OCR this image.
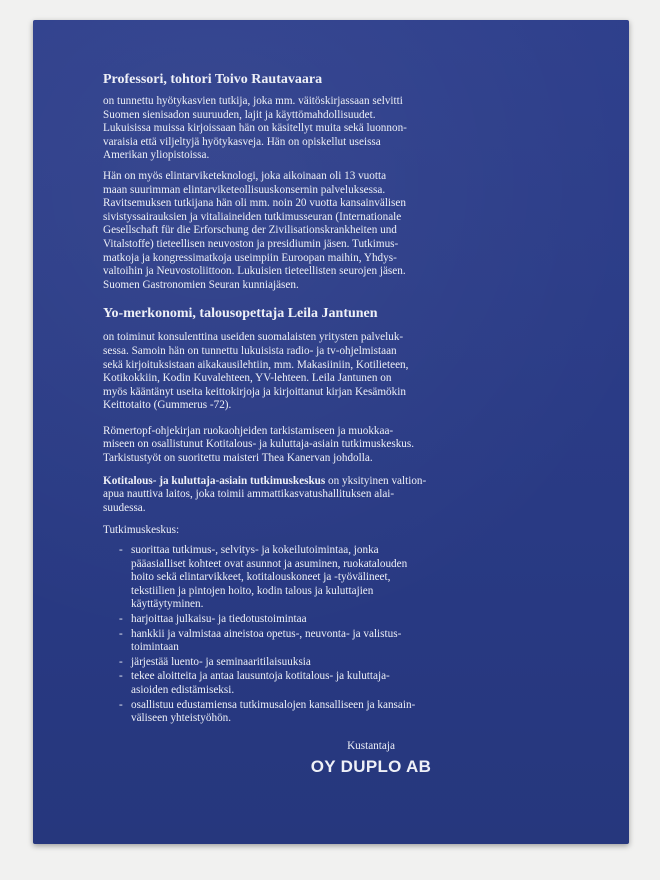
Professori, tohtori Toivo Rautavaara
on tunnettu hyötykasvien tutkija, joka mm. väitöskirjassaan selvitti
Suomen sienisadon suuruuden, lajit ja käyttömahdollisuudet.
Lukuisissa muissa kirjoissaan hän on käsitellyt muita sekä luonnon-
varaisia että viljeltyjä hyötykasveja. Hän on opiskellut useissa
Amerikan yliopistoissa.
Hän on myös elintarviketeknologi, joka aikoinaan oli 13 vuotta
maan suurimman elintarviketeollisuuskonsernin palveluksessa.
Ravitsemuksen tutkijana hän oli mm. noin 20 vuotta kansainvälisen
sivistyssairauksien ja vitaliaineiden tutkimusseuran (Internationale
Gesellschaft für die Erforschung der Zivilisationskrankheiten und
Vitalstoffe) tieteellisen neuvoston ja presidiumin jäsen. Tutkimus-
matkoja ja kongressimatkoja useimpiin Euroopan maihin, Yhdys-
valtoihin ja Neuvostoliittoon. Lukuisien tieteellisten seurojen jäsen.
Suomen Gastronomien Seuran kunniajäsen.
Yo-merkonomi, talousopettaja Leila Jantunen
on toiminut konsulenttina useiden suomalaisten yritysten palveluk-
sessa. Samoin hän on tunnettu lukuisista radio- ja tv-ohjelmistaan
sekä kirjoituksistaan aikakausilehtiin, mm. Makasiiniin, Kotilieteen,
Kotikokkiin, Kodin Kuvalehteen, YV-lehteen. Leila Jantunen on
myös kääntänyt useita keittokirjoja ja kirjoittanut kirjan Kesämökin
Keittotaito (Gummerus -72).
Römertopf-ohjekirjan ruokaohjeiden tarkistamiseen ja muokkaa-
miseen on osallistunut Kotitalous- ja kuluttaja-asiain tutkimuskeskus.
Tarkistustyöt on suoritettu maisteri Thea Kanervan johdolla.
Kotitalous- ja kuluttaja-asiain tutkimuskeskus on yksityinen valtion-
apua nauttiva laitos, joka toimii ammattikasvatushallituksen alai-
suudessa.
Tutkimuskeskus:
- suorittaa tutkimus-, selvitys- ja kokeilutoimintaa, jonka
pääasialliset kohteet ovat asunnot ja asuminen, ruokatalouden
hoito sekä elintarvikkeet, kotitalouskoneet ja -työvälineet,
tekstiilien ja pintojen hoito, kodin talous ja kuluttajien
käyttäytyminen.
- harjoittaa julkaisu- ja tiedotustoimintaa
- hankkii ja valmistaa aineistoa opetus-, neuvonta- ja valistus-
toimintaan
- järjestää luento- ja seminaaritilaisuuksia
- tekee aloitteita ja antaa lausuntoja kotitalous- ja kuluttaja-
asioiden edistämiseksi.
- osallistuu edustamiensa tutkimusalojen kansalliseen ja kansain-
väliseen yhteistyöhön.
Kustantaja
OY DUPLO AB
